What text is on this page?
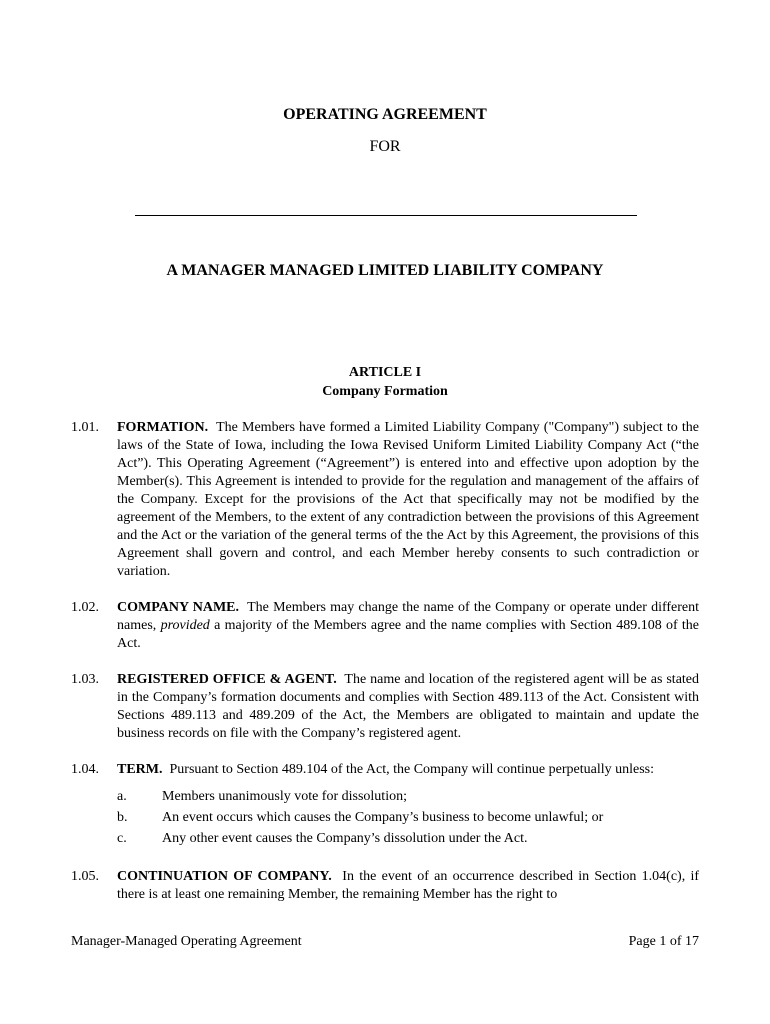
OPERATING AGREEMENT
FOR
A MANAGER MANAGED LIMITED LIABILITY COMPANY
ARTICLE I
Company Formation
1.01.	FORMATION. The Members have formed a Limited Liability Company ("Company") subject to the laws of the State of Iowa, including the Iowa Revised Uniform Limited Liability Company Act (“the Act”). This Operating Agreement (“Agreement”) is entered into and effective upon adoption by the Member(s). This Agreement is intended to provide for the regulation and management of the affairs of the Company. Except for the provisions of the Act that specifically may not be modified by the agreement of the Members, to the extent of any contradiction between the provisions of this Agreement and the Act or the variation of the general terms of the the Act by this Agreement, the provisions of this Agreement shall govern and control, and each Member hereby consents to such contradiction or variation.
1.02.	COMPANY NAME. The Members may change the name of the Company or operate under different names, provided a majority of the Members agree and the name complies with Section 489.108 of the Act.
1.03.	REGISTERED OFFICE & AGENT. The name and location of the registered agent will be as stated in the Company’s formation documents and complies with Section 489.113 of the Act. Consistent with Sections 489.113 and 489.209 of the Act, the Members are obligated to maintain and update the business records on file with the Company’s registered agent.
1.04.	TERM. Pursuant to Section 489.104 of the Act, the Company will continue perpetually unless:
a.	Members unanimously vote for dissolution;
b. An event occurs which causes the Company’s business to become unlawful; or
c.	Any other event causes the Company’s dissolution under the Act.
1.05.	CONTINUATION OF COMPANY. In the event of an occurrence described in Section 1.04(c), if there is at least one remaining Member, the remaining Member has the right to
Manager-Managed Operating Agreement	Page 1 of 17
